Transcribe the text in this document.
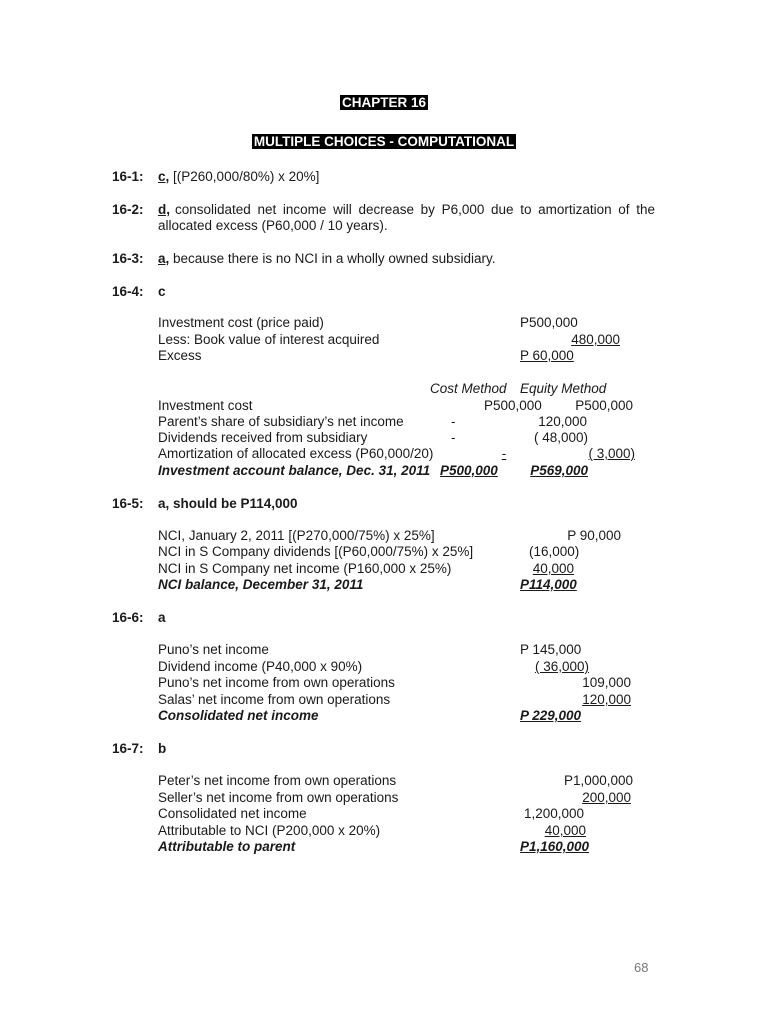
CHAPTER 16
MULTIPLE CHOICES - COMPUTATIONAL
16-1: c, [(P260,000/80%) x 20%]
16-2: d, consolidated net income will decrease by P6,000 due to amortization of the
allocated excess (P60,000 / 10 years).
16-3: a, because there is no NCI in a wholly owned subsidiary.
16-4: c
Investment cost (price paid)	P500,000
Less: Book value of interest acquired	480,000
Excess	P 60,000
Cost Method Equity Method
Investment cost	P500,000	P500,000
Parent’s share of subsidiary’s net income	-	120,000
Dividends received from subsidiary	-	( 48,000)
Amortization of allocated excess (P60,000/20)	-	( 3,000)
Investment account balance, Dec. 31, 2011 P500,000	P569,000
16-5: a, should be P114,000
NCI, January 2, 2011 [(P270,000/75%) x 25%]	P 90,000
NCI in S Company dividends [(P60,000/75%) x 25%]	(16,000)
NCI in S Company net income (P160,000 x 25%)	40,000
NCI balance, December 31, 2011	P114,000
16-6: a
Puno’s net income	P 145,000
Dividend income (P40,000 x 90%)	( 36,000)
Puno’s net income from own operations	109,000
Salas’ net income from own operations	120,000
Consolidated net income	P 229,000
16-7: b
Peter’s net income from own operations	P1,000,000
Seller’s net income from own operations	200,000
Consolidated net income	1,200,000
Attributable to NCI (P200,000 x 20%)	40,000
Attributable to parent	P1,160,000
68
